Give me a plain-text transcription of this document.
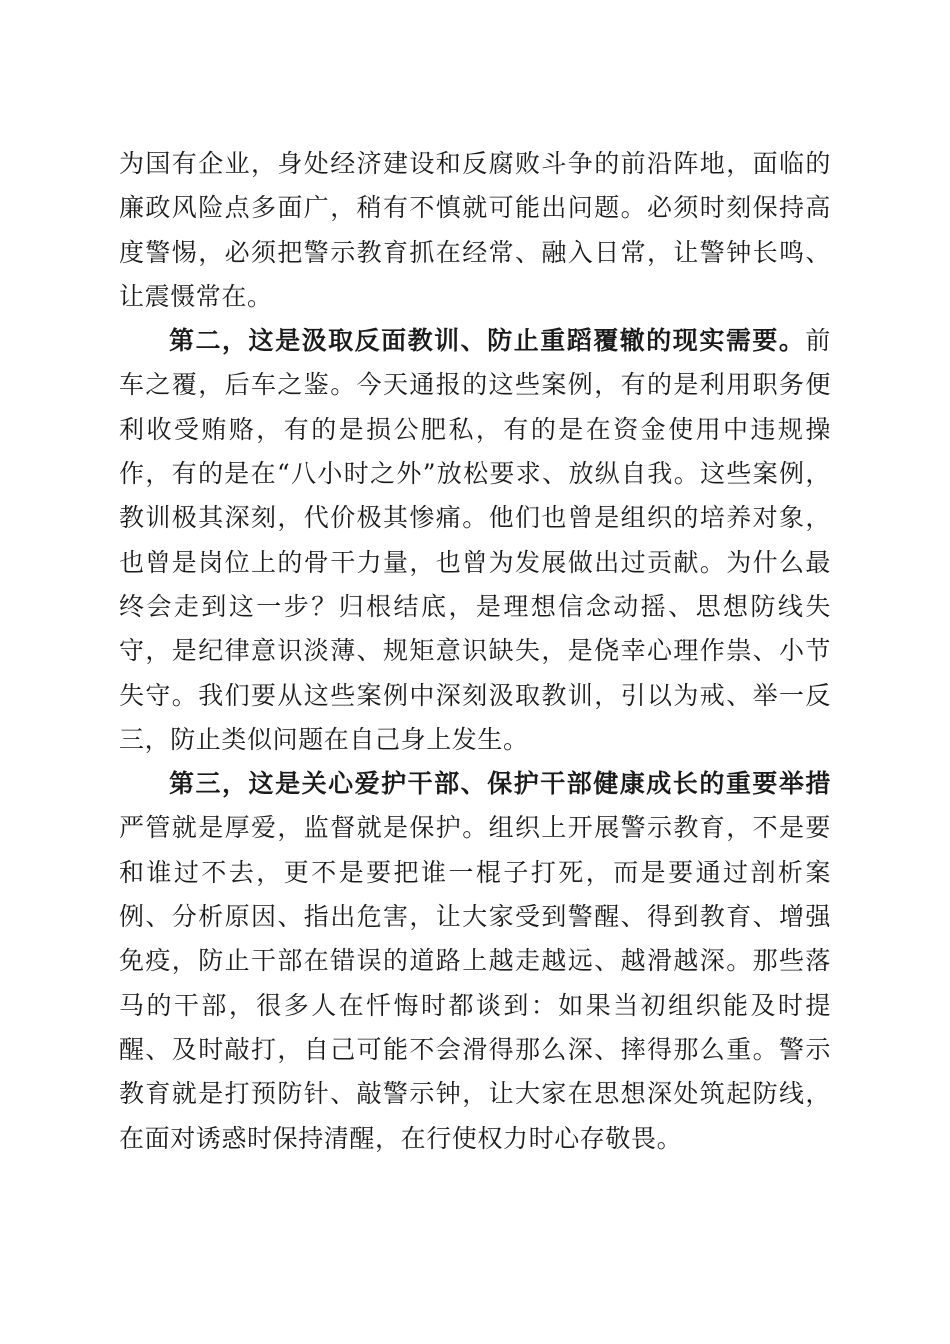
为国有企业，身处经济建设和反腐败斗争的前沿阵地，面临的廉政风险点多面广，稍有不慎就可能出问题。必须时刻保持高度警惕，必须把警示教育抓在经常、融入日常，让警钟长鸣、让震慑常在。

第二，这是汲取反面教训、防止重蹈覆辙的现实需要。前车之覆，后车之鉴。今天通报的这些案例，有的是利用职务便利收受贿赂，有的是损公肥私，有的是在资金使用中违规操作，有的是在“八小时之外”放松要求、放纵自我。这些案例，教训极其深刻，代价极其惨痛。他们也曾是组织的培养对象，也曾是岗位上的骨干力量，也曾为发展做出过贡献。为什么最终会走到这一步？归根结底，是理想信念动摇、思想防线失守，是纪律意识淡薄、规矩意识缺失，是侥幸心理作祟、小节失守。我们要从这些案例中深刻汲取教训，引以为戒、举一反三，防止类似问题在自己身上发生。

第三，这是关心爱护干部、保护干部健康成长的重要举措严管就是厚爱，监督就是保护。组织上开展警示教育，不是要和谁过不去，更不是要把谁一棍子打死，而是要通过剖析案例、分析原因、指出危害，让大家受到警醒、得到教育、增强免疫，防止干部在错误的道路上越走越远、越滑越深。那些落马的干部，很多人在忏悔时都谈到：如果当初组织能及时提醒、及时敲打，自己可能不会滑得那么深、摔得那么重。警示教育就是打预防针、敲警示钟，让大家在思想深处筑起防线，在面对诱惑时保持清醒，在行使权力时心存敬畏。
